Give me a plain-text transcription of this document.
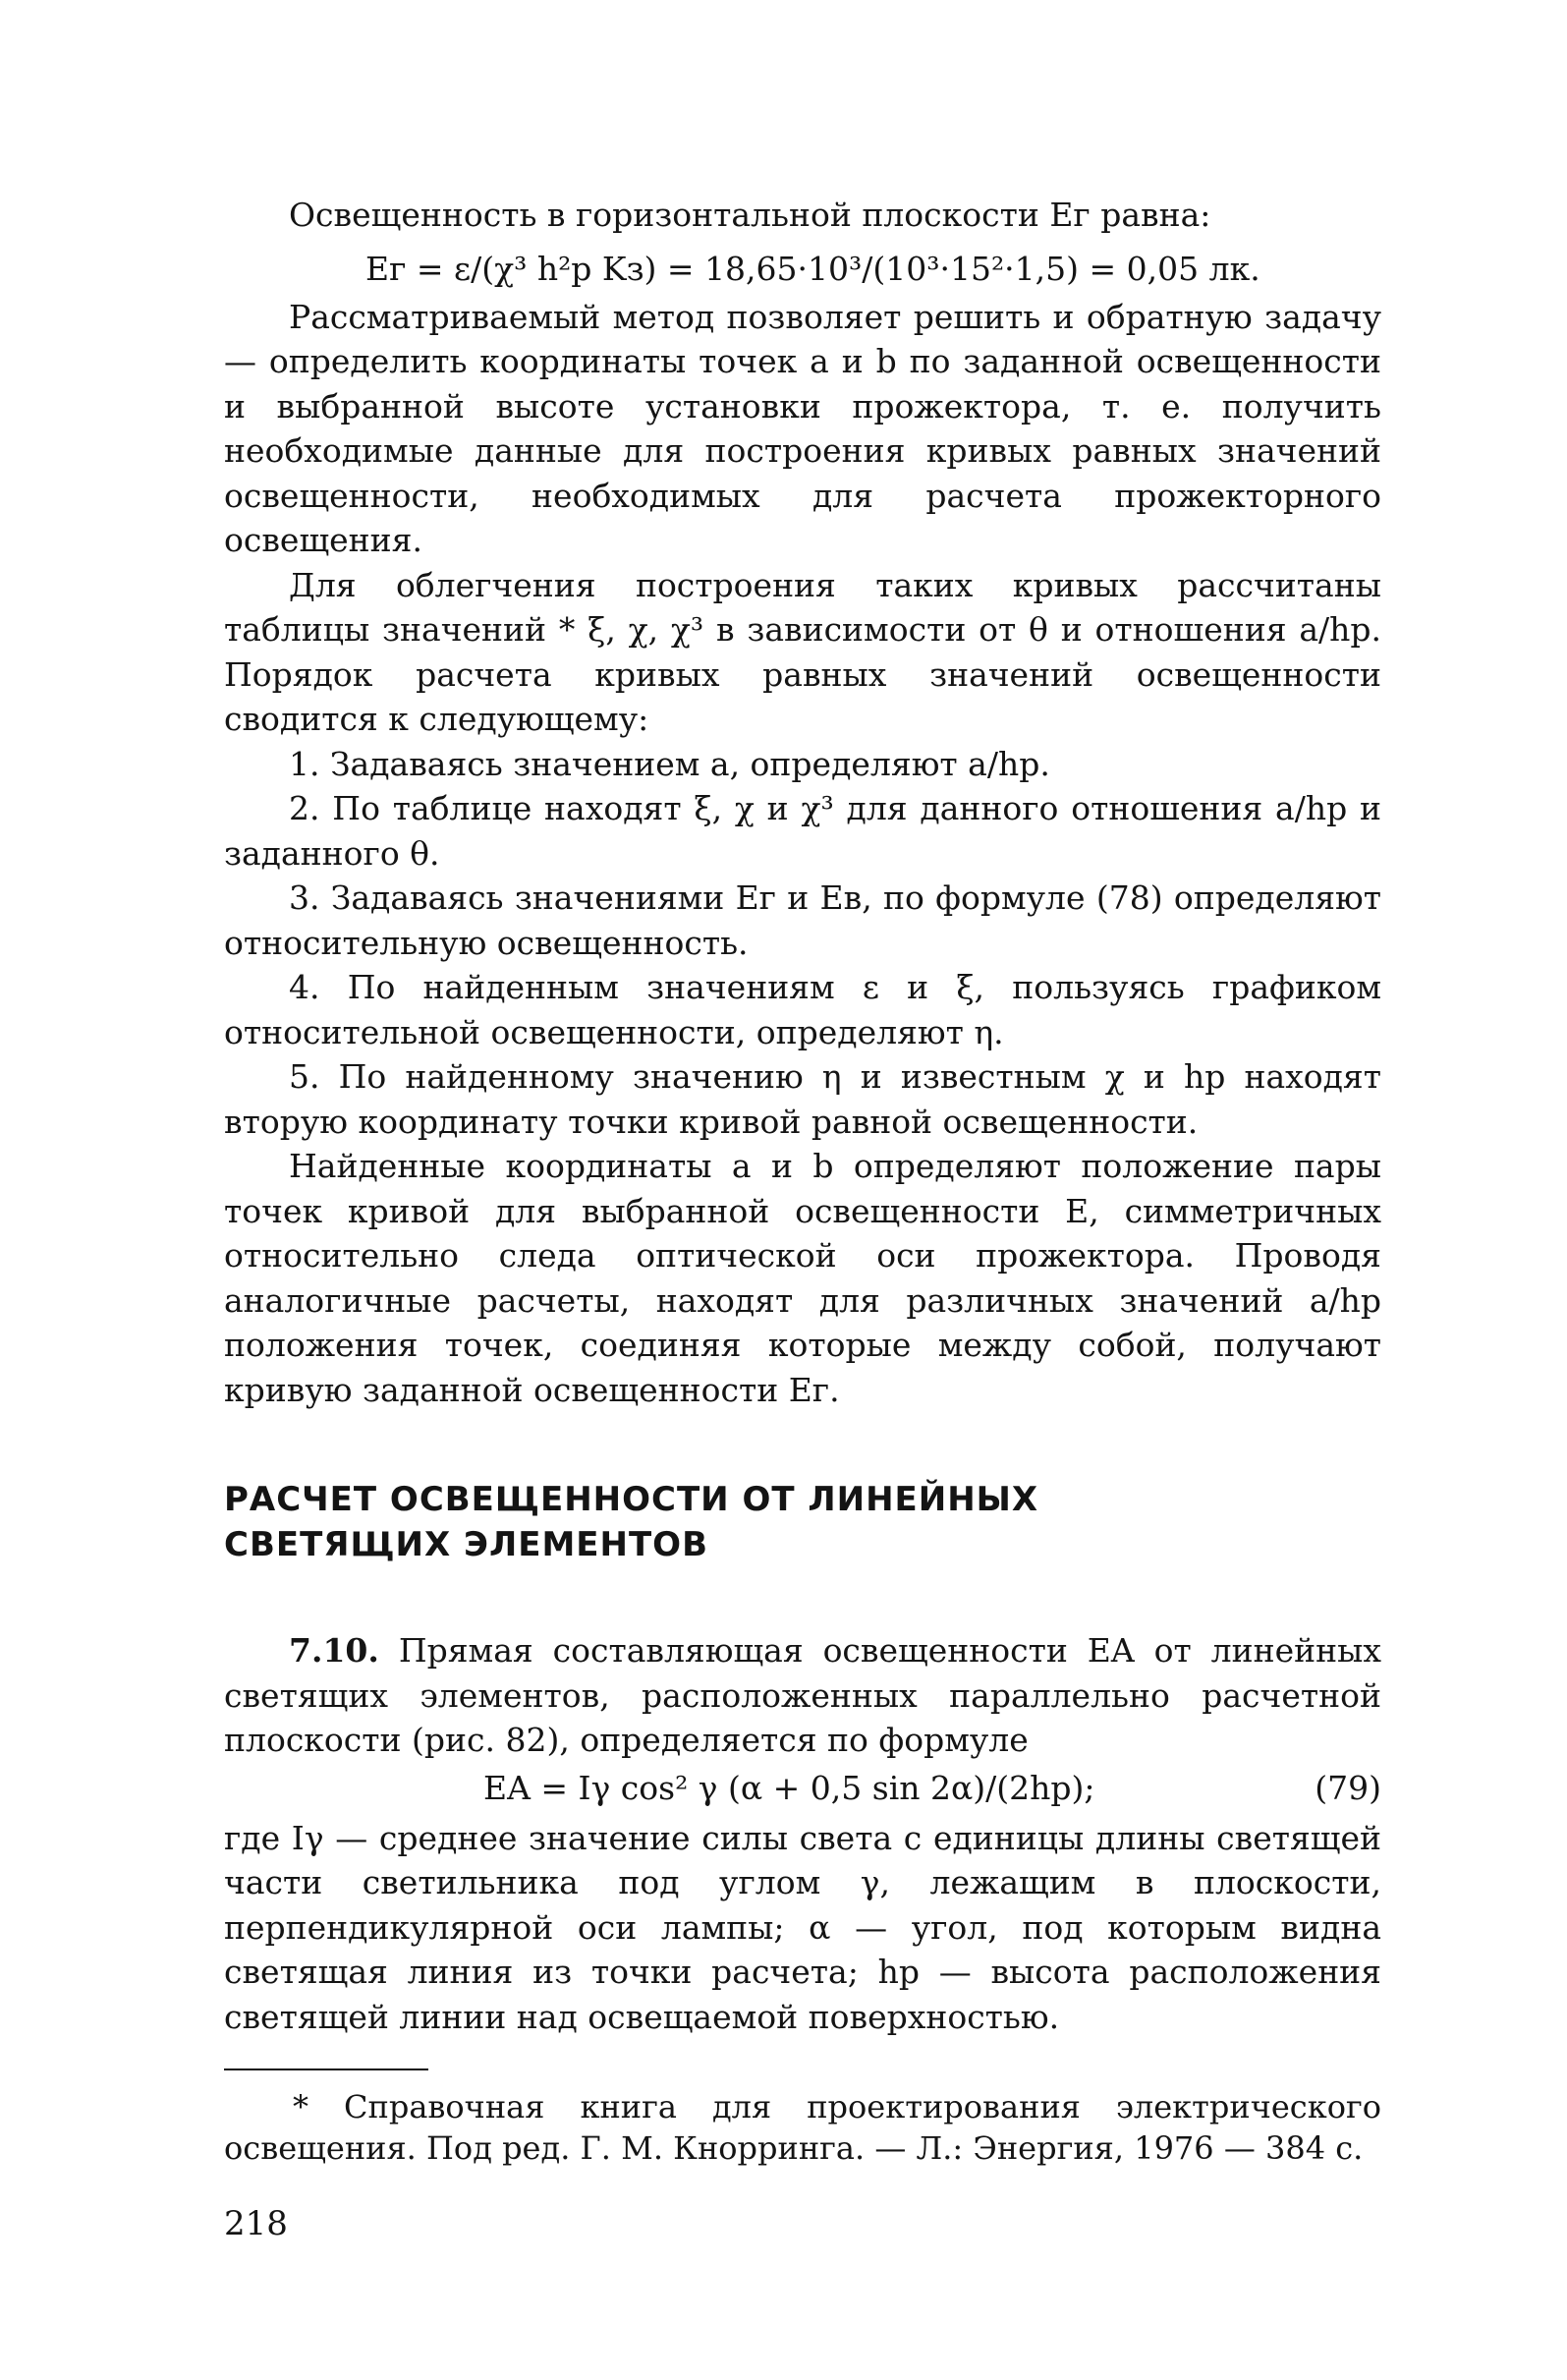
Освещенность в горизонтальной плоскости Eг равна:

Eг = ε/(χ³ h²р Kз) = 18,65·10³/(10³·15²·1,5) = 0,05 лк.

Рассматриваемый метод позволяет решить и обратную задачу — определить координаты точек a и b по заданной освещенности и выбранной высоте установки прожектора, т. е. получить необходимые данные для построения кривых равных значений освещенности, необходимых для расчета прожекторного освещения.

Для облегчения построения таких кривых рассчитаны таблицы значений * ξ, χ, χ³ в зависимости от θ и отношения a/hр. Порядок расчета кривых равных значений освещенности сводится к следующему:

1. Задаваясь значением a, определяют a/hр.

2. По таблице находят ξ, χ и χ³ для данного отношения a/hр и заданного θ.

3. Задаваясь значениями Eг и Eв, по формуле (78) определяют относительную освещенность.

4. По найденным значениям ε и ξ, пользуясь графиком относительной освещенности, определяют η.

5. По найденному значению η и известным χ и hр находят вторую координату точки кривой равной освещенности.

Найденные координаты a и b определяют положение пары точек кривой для выбранной освещенности E, симметричных относительно следа оптической оси прожектора. Проводя аналогичные расчеты, находят для различных значений a/hр положения точек, соединяя которые между собой, получают кривую заданной освещенности Eг.

РАСЧЕТ ОСВЕЩЕННОСТИ ОТ ЛИНЕЙНЫХ
СВЕТЯЩИХ ЭЛЕМЕНТОВ

7.10. Прямая составляющая освещенности EA от линейных светящих элементов, расположенных параллельно расчетной плоскости (рис. 82), определяется по формуле

EA = Iγ cos² γ (α + 0,5 sin 2α)/(2hр);	(79)

где Iγ — среднее значение силы света с единицы длины светящей части светильника под углом γ, лежащим в плоскости, перпендикулярной оси лампы; α — угол, под которым видна светящая линия из точки расчета; hр — высота расположения светящей линии над освещаемой поверхностью.

* Справочная книга для проектирования электрического освещения. Под ред. Г. М. Кнорринга. — Л.: Энергия, 1976 — 384 с.

218
